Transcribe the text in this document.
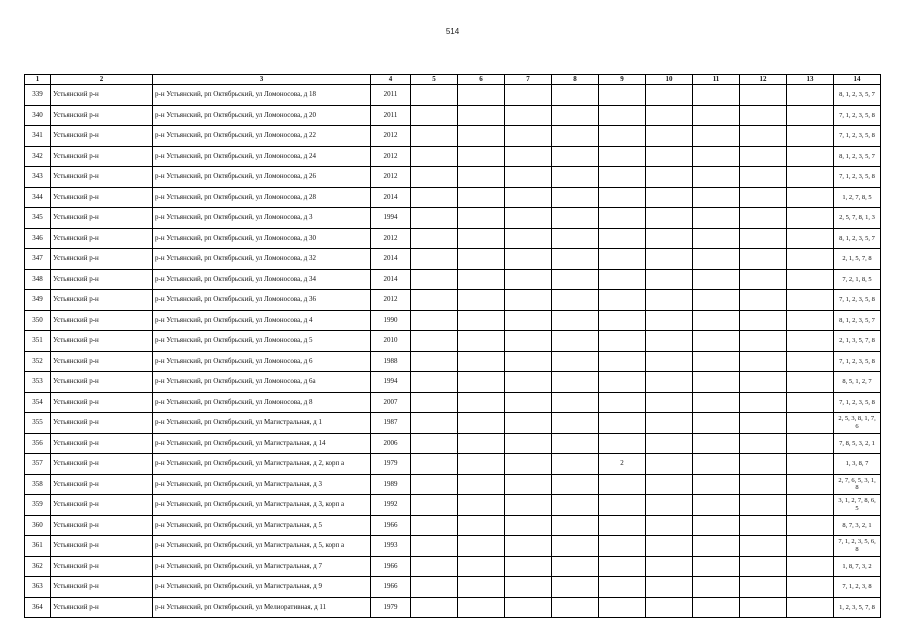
514
1	2	3	4	5	6	7	8	9	10	11	12	13	14
339	Устьянский р-н	р-н Устьянский, рп Октябрьский, ул Ломоносова, д 18	2011										8, 1, 2, 3, 5, 7
340	Устьянский р-н	р-н Устьянский, рп Октябрьский, ул Ломоносова, д 20	2011										7, 1, 2, 3, 5, 8
341	Устьянский р-н	р-н Устьянский, рп Октябрьский, ул Ломоносова, д 22	2012										7, 1, 2, 3, 5, 8
342	Устьянский р-н	р-н Устьянский, рп Октябрьский, ул Ломоносова, д 24	2012										8, 1, 2, 3, 5, 7
343	Устьянский р-н	р-н Устьянский, рп Октябрьский, ул Ломоносова, д 26	2012										7, 1, 2, 3, 5, 8
344	Устьянский р-н	р-н Устьянский, рп Октябрьский, ул Ломоносова, д 28	2014										1, 2, 7, 8, 5
345	Устьянский р-н	р-н Устьянский, рп Октябрьский, ул Ломоносова, д 3	1994										2, 5, 7, 8, 1, 3
346	Устьянский р-н	р-н Устьянский, рп Октябрьский, ул Ломоносова, д 30	2012										8, 1, 2, 3, 5, 7
347	Устьянский р-н	р-н Устьянский, рп Октябрьский, ул Ломоносова, д 32	2014										2, 1, 5, 7, 8
348	Устьянский р-н	р-н Устьянский, рп Октябрьский, ул Ломоносова, д 34	2014										7, 2, 1, 8, 5
349	Устьянский р-н	р-н Устьянский, рп Октябрьский, ул Ломоносова, д 36	2012										7, 1, 2, 3, 5, 8
350	Устьянский р-н	р-н Устьянский, рп Октябрьский, ул Ломоносова, д 4	1990										8, 1, 2, 3, 5, 7
351	Устьянский р-н	р-н Устьянский, рп Октябрьский, ул Ломоносова, д 5	2010										2, 1, 3, 5, 7, 8
352	Устьянский р-н	р-н Устьянский, рп Октябрьский, ул Ломоносова, д 6	1988										7, 1, 2, 3, 5, 8
353	Устьянский р-н	р-н Устьянский, рп Октябрьский, ул Ломоносова, д 6а	1994										8, 5, 1, 2, 7
354	Устьянский р-н	р-н Устьянский, рп Октябрьский, ул Ломоносова, д 8	2007										7, 1, 2, 3, 5, 8
355	Устьянский р-н	р-н Устьянский, рп Октябрьский, ул Магистральная, д 1	1987										2, 5, 3, 8, 1, 7, 6
356	Устьянский р-н	р-н Устьянский, рп Октябрьский, ул Магистральная, д 14	2006										7, 8, 5, 3, 2, 1
357	Устьянский р-н	р-н Устьянский, рп Октябрьский, ул Магистральная, д 2, корп а	1979					2					1, 3, 8, 7
358	Устьянский р-н	р-н Устьянский, рп Октябрьский, ул Магистральная, д 3	1989										2, 7, 6, 5, 3, 1, 8
359	Устьянский р-н	р-н Устьянский, рп Октябрьский, ул Магистральная, д 3, корп а	1992										3, 1, 2, 7, 8, 6, 5
360	Устьянский р-н	р-н Устьянский, рп Октябрьский, ул Магистральная, д 5	1966										8, 7, 3, 2, 1
361	Устьянский р-н	р-н Устьянский, рп Октябрьский, ул Магистральная, д 5, корп а	1993										7, 1, 2, 3, 5, 6, 8
362	Устьянский р-н	р-н Устьянский, рп Октябрьский, ул Магистральная, д 7	1966										1, 8, 7, 3, 2
363	Устьянский р-н	р-н Устьянский, рп Октябрьский, ул Магистральная, д 9	1966										7, 1, 2, 3, 8
364	Устьянский р-н	р-н Устьянский, рп Октябрьский, ул Мелиоративная, д 11	1979										1, 2, 3, 5, 7, 8
